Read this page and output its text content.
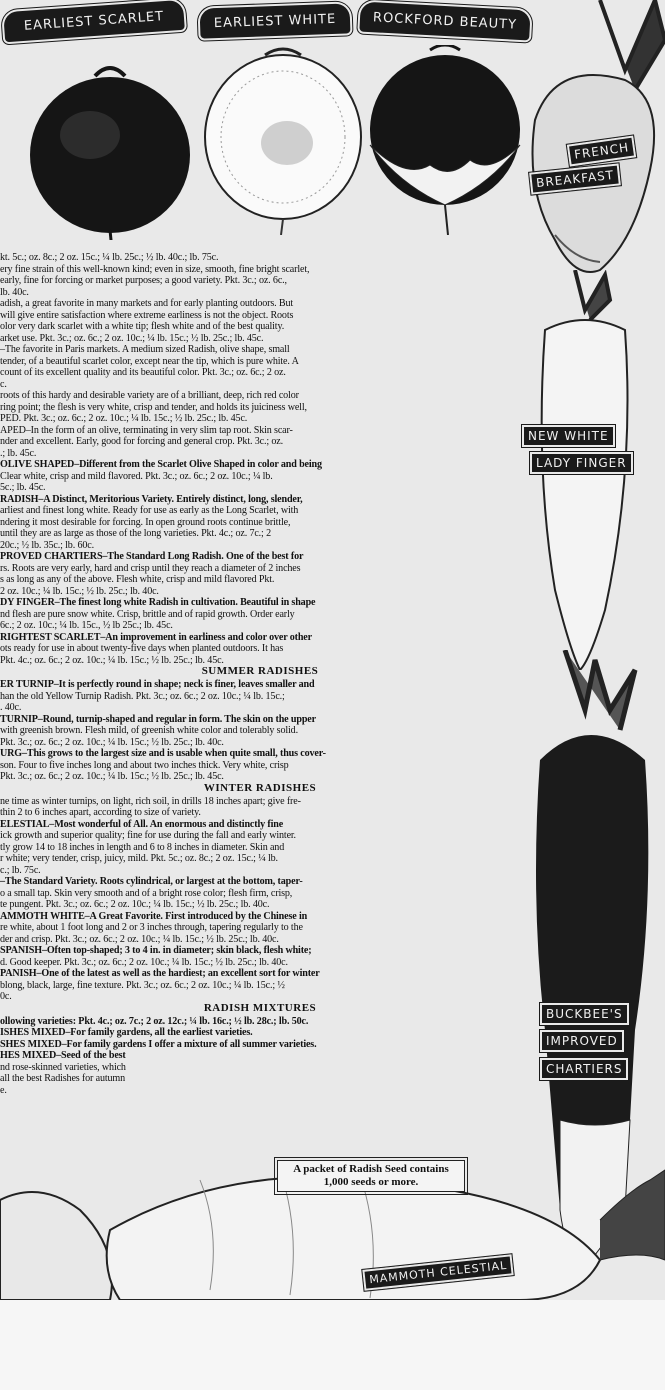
EARLIEST SCARLET	EARLIEST WHITE	ROCKFORD BEAUTY
FRENCH
BREAKFAST
NEW WHITE
LADY FINGER
BUCKBEE'S
IMPROVED
CHARTIERS
MAMMOTH CELESTIAL
kt. 5c.; oz. 8c.; 2 oz. 15c.; ¼ lb. 25c.; ½ lb. 40c.; lb. 75c.
ery fine strain of this well-known kind; even in size, smooth, fine bright scarlet,
early, fine for forcing or market purposes; a good variety. Pkt. 3c.; oz. 6c.,
lb. 40c.
adish, a great favorite in many markets and for early planting outdoors. But
will give entire satisfaction where extreme earliness is not the object. Roots
olor very dark scarlet with a white tip; flesh white and of the best quality.
arket use. Pkt. 3c.; oz. 6c.; 2 oz. 10c.; ¼ lb. 15c.; ½ lb. 25c.; lb. 45c.
–The favorite in Paris markets. A medium sized Radish, olive shape, small
tender, of a beautiful scarlet color, except near the tip, which is pure white. A
count of its excellent quality and its beautiful color. Pkt. 3c.; oz. 6c.; 2 oz.
c.
roots of this hardy and desirable variety are of a brilliant, deep, rich red color
ring point; the flesh is very white, crisp and tender, and holds its juiciness well,
PED. Pkt. 3c.; oz. 6c.; 2 oz. 10c.; ¼ lb. 15c.; ½ lb. 25c.; lb. 45c.
APED–In the form of an olive, terminating in very slim tap root. Skin scar-
nder and excellent. Early, good for forcing and general crop. Pkt. 3c.; oz.
.; lb. 45c.
OLIVE SHAPED–Different from the Scarlet Olive Shaped in color and being
Clear white, crisp and mild flavored. Pkt. 3c.; oz. 6c.; 2 oz. 10c.; ¼ lb.
5c.; lb. 45c.
RADISH–A Distinct, Meritorious Variety. Entirely distinct, long, slender,
arliest and finest long white. Ready for use as early as the Long Scarlet, with
ndering it most desirable for forcing. In open ground roots continue brittle,
until they are as large as those of the long varieties. Pkt. 4c.; oz. 7c.; 2
20c.; ½ lb. 35c.; lb. 60c.
PROVED CHARTIERS–The Standard Long Radish. One of the best for
rs. Roots are very early, hard and crisp until they reach a diameter of 2 inches
s as long as any of the above. Flesh white, crisp and mild flavored Pkt.
2 oz. 10c.; ¼ lb. 15c.; ½ lb. 25c.; lb. 40c.
DY FINGER–The finest long white Radish in cultivation. Beautiful in shape
nd flesh are pure snow white. Crisp, brittle and of rapid growth. Order early
6c.; 2 oz. 10c.; ¼ lb. 15c., ½ lb 25c.; lb. 45c.
RIGHTEST SCARLET–An improvement in earliness and color over other
ots ready for use in about twenty-five days when planted outdoors. It has
Pkt. 4c.; oz. 6c.; 2 oz. 10c.; ¼ lb. 15c.; ½ lb. 25c.; lb. 45c.
SUMMER RADISHES
ER TURNIP–It is perfectly round in shape; neck is finer, leaves smaller and
han the old Yellow Turnip Radish. Pkt. 3c.; oz. 6c.; 2 oz. 10c.; ¼ lb. 15c.;
. 40c.
TURNIP–Round, turnip-shaped and regular in form. The skin on the upper
with greenish brown. Flesh mild, of greenish white color and tolerably solid.
Pkt. 3c.; oz. 6c.; 2 oz. 10c.; ¼ lb. 15c.; ½ lb. 25c.; lb. 40c.
URG–This grows to the largest size and is usable when quite small, thus cover-
son. Four to five inches long and about two inches thick. Very white, crisp
Pkt. 3c.; oz. 6c.; 2 oz. 10c.; ¼ lb. 15c.; ½ lb. 25c.; lb. 45c.
WINTER RADISHES
ne time as winter turnips, on light, rich soil, in drills 18 inches apart; give fre-
thin 2 to 6 inches apart, according to size of variety.
ELESTIAL–Most wonderful of All. An enormous and distinctly fine
ick growth and superior quality; fine for use during the fall and early winter.
tly grow 14 to 18 inches in length and 6 to 8 inches in diameter. Skin and
r white; very tender, crisp, juicy, mild. Pkt. 5c.; oz. 8c.; 2 oz. 15c.; ¼ lb.
c.; lb. 75c.
–The Standard Variety. Roots cylindrical, or largest at the bottom, taper-
o a small tap. Skin very smooth and of a bright rose color; flesh firm, crisp,
te pungent. Pkt. 3c.; oz. 6c.; 2 oz. 10c.; ¼ lb. 15c.; ½ lb. 25c.; lb. 40c.
AMMOTH WHITE–A Great Favorite. First introduced by the Chinese in
re white, about 1 foot long and 2 or 3 inches through, tapering regularly to the
der and crisp. Pkt. 3c.; oz. 6c.; 2 oz. 10c.; ¼ lb. 15c.; ½ lb. 25c.; lb. 40c.
SPANISH–Often top-shaped; 3 to 4 in. in diameter; skin black, flesh white;
d. Good keeper. Pkt. 3c.; oz. 6c.; 2 oz. 10c.; ¼ lb. 15c.; ½ lb. 25c.; lb. 40c.
PANISH–One of the latest as well as the hardiest; an excellent sort for winter
blong, black, large, fine texture. Pkt. 3c.; oz. 6c.; 2 oz. 10c.; ¼ lb. 15c.; ½
0c.
RADISH MIXTURES
ollowing varieties: Pkt. 4c.; oz. 7c.; 2 oz. 12c.; ¼ lb. 16c.; ½ lb. 28c.; lb. 50c.
ISHES MIXED–For family gardens, all the earliest varieties.
SHES MIXED–For family gardens I offer a mixture of all summer varieties.
HES MIXED–Seed of the best
nd rose-skinned varieties, which
all the best Radishes for autumn
e.
A packet of Radish Seed contains 1,000 seeds or more.
